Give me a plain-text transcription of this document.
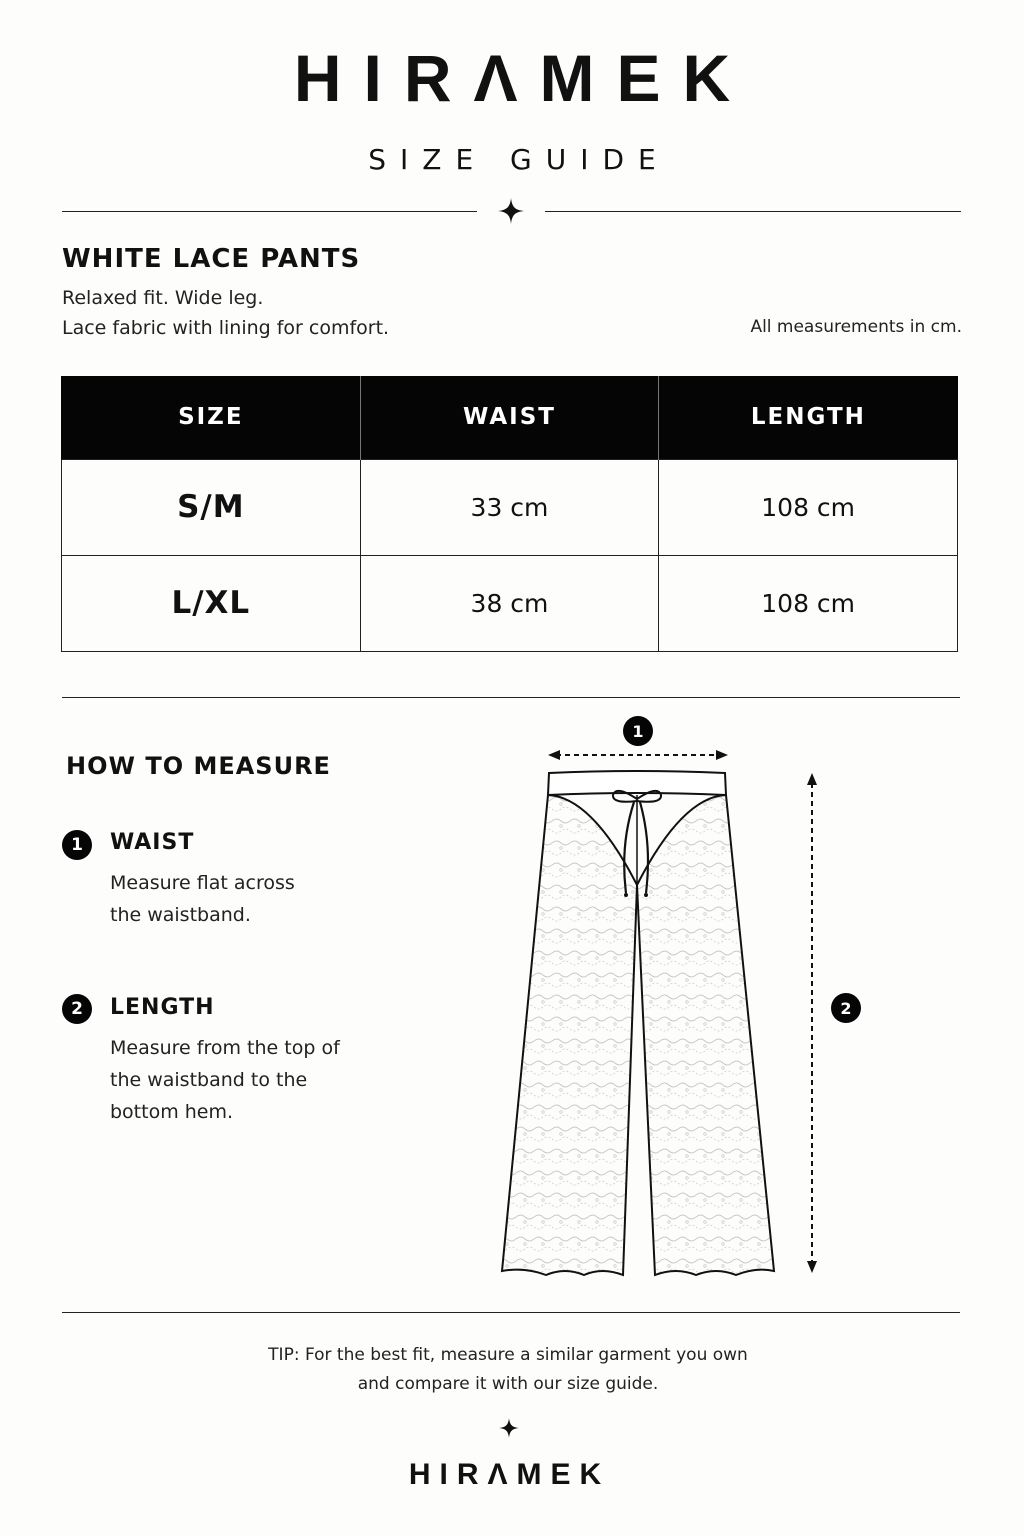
HIRΛMEK
SIZE GUIDE
WHITE LACE PANTS
Relaxed fit. Wide leg.
Lace fabric with lining for comfort.	All measurements in cm.
SIZE	WAIST	LENGTH
S/M	33 cm	108 cm
L/XL	38 cm	108 cm
HOW TO MEASURE
1	WAIST
Measure flat across
the waistband.
2	LENGTH
Measure from the top of
the waistband to the
bottom hem.
1
2
TIP: For the best fit, measure a similar garment you own
and compare it with our size guide.
HIRΛMEK
